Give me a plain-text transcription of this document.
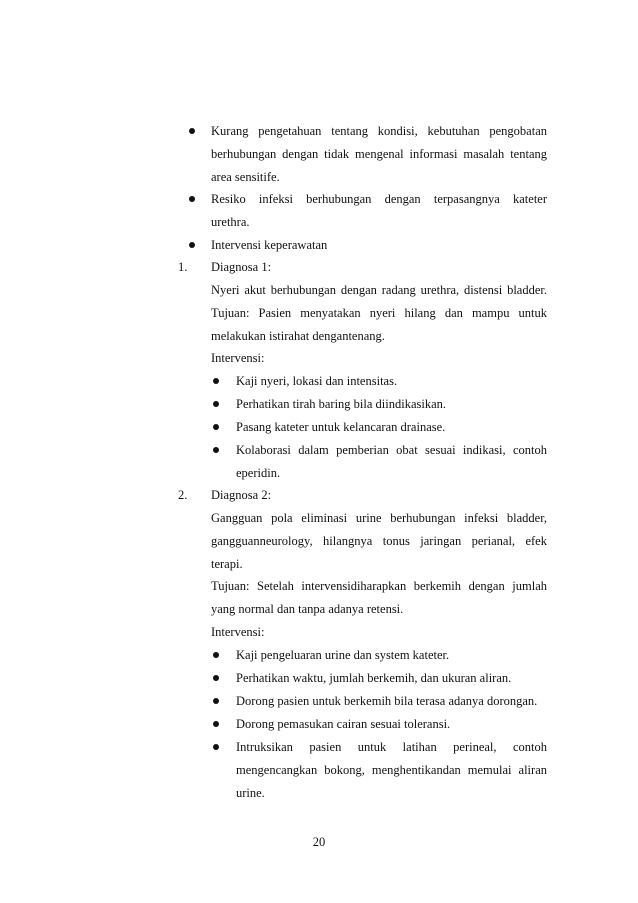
Kurang pengetahuan tentang kondisi, kebutuhan pengobatan
berhubungan dengan tidak mengenal informasi masalah tentang
area sensitife.
Resiko infeksi berhubungan dengan terpasangnya kateter
urethra.
Intervensi keperawatan
1. Diagnosa 1:
Nyeri akut berhubungan dengan radang urethra, distensi bladder.
Tujuan: Pasien menyatakan nyeri hilang dan mampu untuk
melakukan istirahat dengantenang.
Intervensi:
Kaji nyeri, lokasi dan intensitas.
Perhatikan tirah baring bila diindikasikan.
Pasang kateter untuk kelancaran drainase.
Kolaborasi dalam pemberian obat sesuai indikasi, contoh
eperidin.
2. Diagnosa 2:
Gangguan pola eliminasi urine berhubungan infeksi bladder,
gangguanneurology, hilangnya tonus jaringan perianal, efek
terapi.
Tujuan: Setelah intervensidiharapkan berkemih dengan jumlah
yang normal dan tanpa adanya retensi.
Intervensi:
Kaji pengeluaran urine dan system kateter.
Perhatikan waktu, jumlah berkemih, dan ukuran aliran.
Dorong pasien untuk berkemih bila terasa adanya dorongan.
Dorong pemasukan cairan sesuai toleransi.
Intruksikan pasien untuk latihan perineal, contoh
mengencangkan bokong, menghentikandan memulai aliran
urine.
20
